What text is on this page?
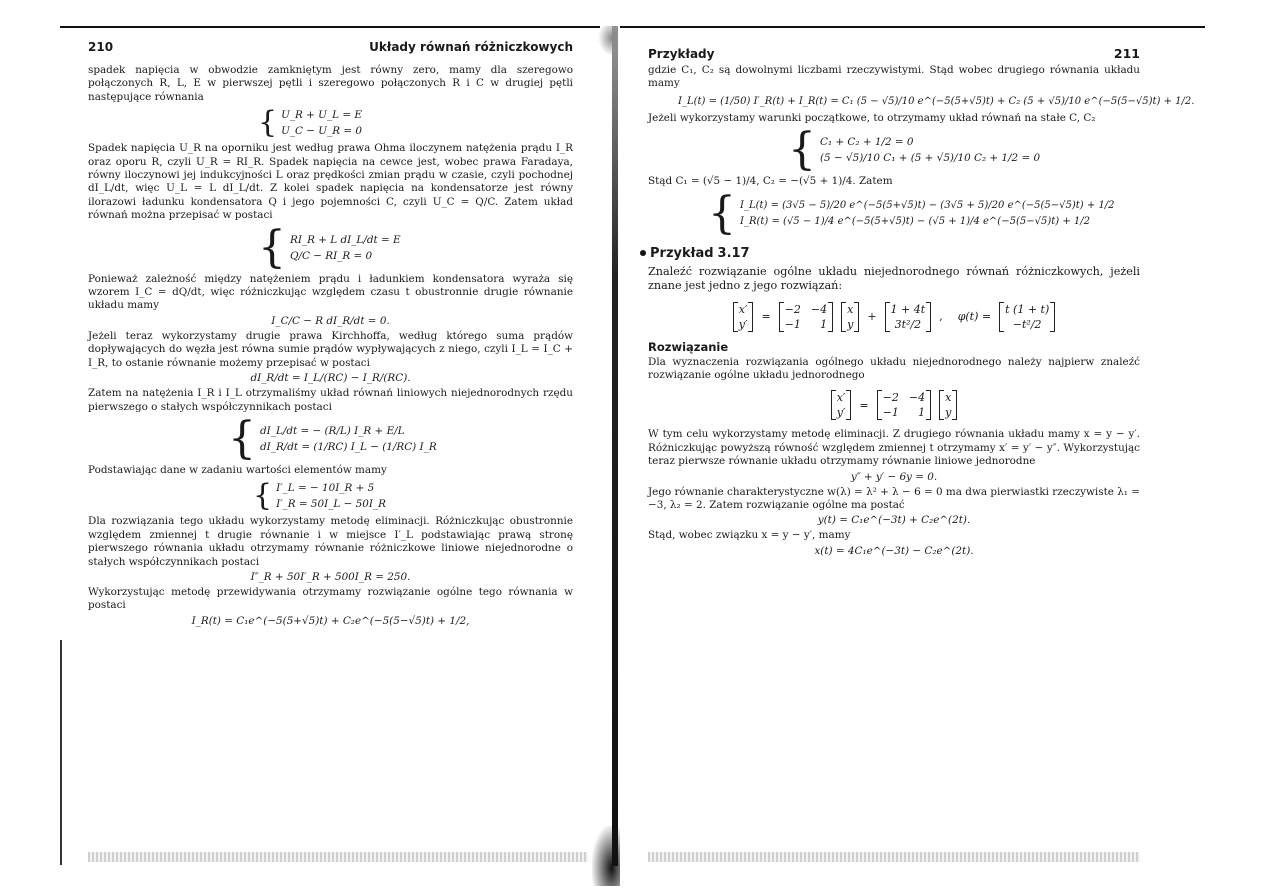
210	Układy równań różniczkowych

spadek napięcia w obwodzie zamkniętym jest równy zero, mamy dla szeregowo połączonych R, L, E w pierwszej pętli i szeregowo połączonych R i C w drugiej pętli następujące równania

{ U_R + U_L = E
U_C − U_R = 0

Spadek napięcia U_R na oporniku jest według prawa Ohma iloczynem natężenia prądu I_R oraz oporu R, czyli U_R = RI_R. Spadek napięcia na cewce jest, wobec prawa Faradaya, równy iloczynowi jej indukcyjności L oraz prędkości zmian prądu w czasie, czyli pochodnej dI_L/dt, więc U_L = L dI_L/dt. Z kolei spadek napięcia na kondensatorze jest równy ilorazowi ładunku kondensatora Q i jego pojemności C, czyli U_C = Q/C. Zatem układ równań można przepisać w postaci

{ RI_R + L dI_L/dt = E
Q/C − RI_R = 0

Ponieważ zależność między natężeniem prądu i ładunkiem kondensatora wyraża się wzorem I_C = dQ/dt, więc różniczkując względem czasu t obustronnie drugie równanie układu mamy

I_C/C − R dI_R/dt = 0.

Jeżeli teraz wykorzystamy drugie prawa Kirchhoffa, według którego suma prądów dopływających do węzła jest równa sumie prądów wypływających z niego, czyli I_L = I_C + I_R, to ostanie równanie możemy przepisać w postaci

dI_R/dt = I_L/(RC) − I_R/(RC).

Zatem na natężenia I_R i I_L otrzymaliśmy układ równań liniowych niejednorodnych rzędu pierwszego o stałych współczynnikach postaci

{ dI_L/dt = − (R/L) I_R + E/L
dI_R/dt = (1/RC) I_L − (1/RC) I_R

Podstawiając dane w zadaniu wartości elementów mamy

{ I′_L = − 10I_R + 5
I′_R = 50I_L − 50I_R

Dla rozwiązania tego układu wykorzystamy metodę eliminacji. Różniczkując obustronnie względem zmiennej t drugie równanie i w miejsce I′_L podstawiając prawą stronę pierwszego równania układu otrzymamy równanie różniczkowe liniowe niejednorodne o stałych współczynnikach postaci

I″_R + 50I′_R + 500I_R = 250.

Wykorzystując metodę przewidywania otrzymamy rozwiązanie ogólne tego równania w postaci

I_R(t) = C₁e^(−5(5+√5)t) + C₂e^(−5(5−√5)t) + 1/2,
Przykłady	211

gdzie C₁, C₂ są dowolnymi liczbami rzeczywistymi. Stąd wobec drugiego równania układu mamy

I_L(t) = (1/50) I′_R(t) + I_R(t) = C₁ (5 − √5)/10 e^(−5(5+√5)t) + C₂ (5 + √5)/10 e^(−5(5−√5)t) + 1/2.

Jeżeli wykorzystamy warunki początkowe, to otrzymamy układ równań na stałe C, C₂

{ C₁ + C₂ + 1/2 = 0
(5 − √5)/10 C₁ + (5 + √5)/10 C₂ + 1/2 = 0

Stąd C₁ = (√5 − 1)/4, C₂ = −(√5 + 1)/4. Zatem

{ I_L(t) = (3√5 − 5)/20 e^(−5(5+√5)t) − (3√5 + 5)/20 e^(−5(5−√5)t) + 1/2
I_R(t) = (√5 − 1)/4 e^(−5(5+√5)t) − (√5 + 1)/4 e^(−5(5−√5)t) + 1/2
Przykład 3.17

Znaleźć rozwiązanie ogólne układu niejednorodnego równań różniczkowych, jeżeli znane jest jedno z jego rozwiązań:

x′
y′
=
−2 −4
−1	1
x
y
+
1 + 4t
3t²/2
, φ(t) =
t (1 + t)
−t²/2
Rozwiązanie

Dla wyznaczenia rozwiązania ogólnego układu niejednorodnego należy najpierw znaleźć rozwiązanie ogólne układu jednorodnego

x′
y′
=
−2 −4
−1	1
x
y

W tym celu wykorzystamy metodę eliminacji. Z drugiego równania układu mamy x = y − y′. Różniczkując powyższą równość względem zmiennej t otrzymamy x′ = y′ − y″. Wykorzystując teraz pierwsze równanie układu otrzymamy równanie liniowe jednorodne

y″ + y′ − 6y = 0.

Jego równanie charakterystyczne w(λ) = λ² + λ − 6 = 0 ma dwa pierwiastki rzeczywiste λ₁ = −3, λ₂ = 2. Zatem rozwiązanie ogólne ma postać

y(t) = C₁e^(−3t) + C₂e^(2t).

Stąd, wobec związku x = y − y′, mamy

x(t) = 4C₁e^(−3t) − C₂e^(2t).
